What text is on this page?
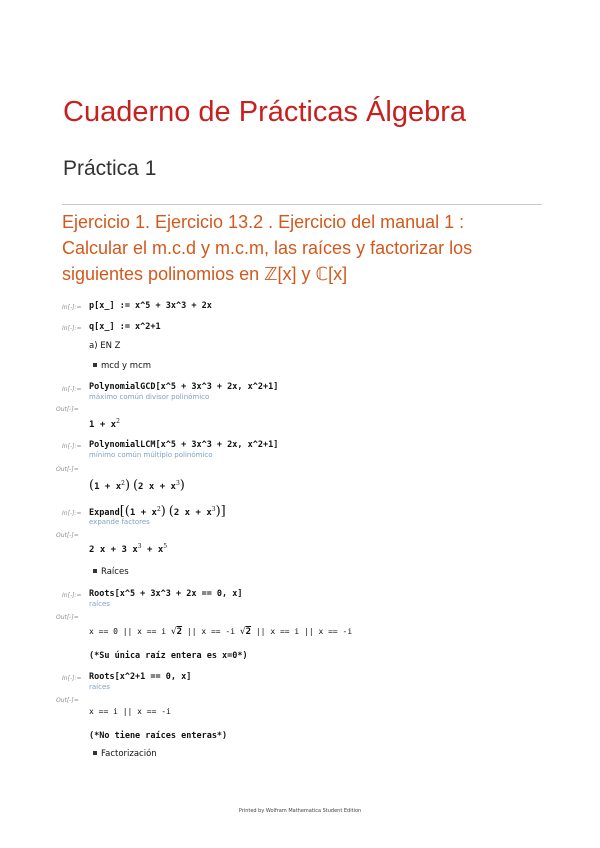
Cuaderno de Prácticas Álgebra
Práctica 1
Ejercicio 1. Ejercicio 13.2 . Ejercicio del manual 1 :
Calcular el m.c.d y m.c.m, las raíces y factorizar los
siguientes polinomios en ℤ[x] y ℂ[x]
In[-]:= p[x_] := x^5 + 3x^3 + 2x
In[-]:= q[x_] := x^2+1
a) EN Z
mcd y mcm
In[-]:= PolynomialGCD[x^5 + 3x^3 + 2x, x^2+1]
máximo común divisor polinómico
Out[-]=
$1 + x^2$
In[-]:= PolynomialLCM[x^5 + 3x^3 + 2x, x^2+1]
mínimo común múltiplo polinómico
Out[-]=
$(1 + x^2)$ (2 $x + x^3$)
In[-]:= Expand[(1 + $x^2$) (2 $x + x^3$)]
expande factores
Out[-]=
2 x + 3 $x^3 + x^5$
Raíces
In[-]:= Roots[x^5 + 3x^3 + 2x == 0, x]
raíces
Out[-]=
x == 0 || x == i √2 || x == -i √2 || x == i || x == -i
(*Su única raíz entera es x=0*)
In[-]:= Roots[x^2+1 == 0, x]
raíces
Out[-]=
x == i || x == -i
(*No tiene raíces enteras*)
Factorización
Printed by Wolfram Mathematica Student Edition
